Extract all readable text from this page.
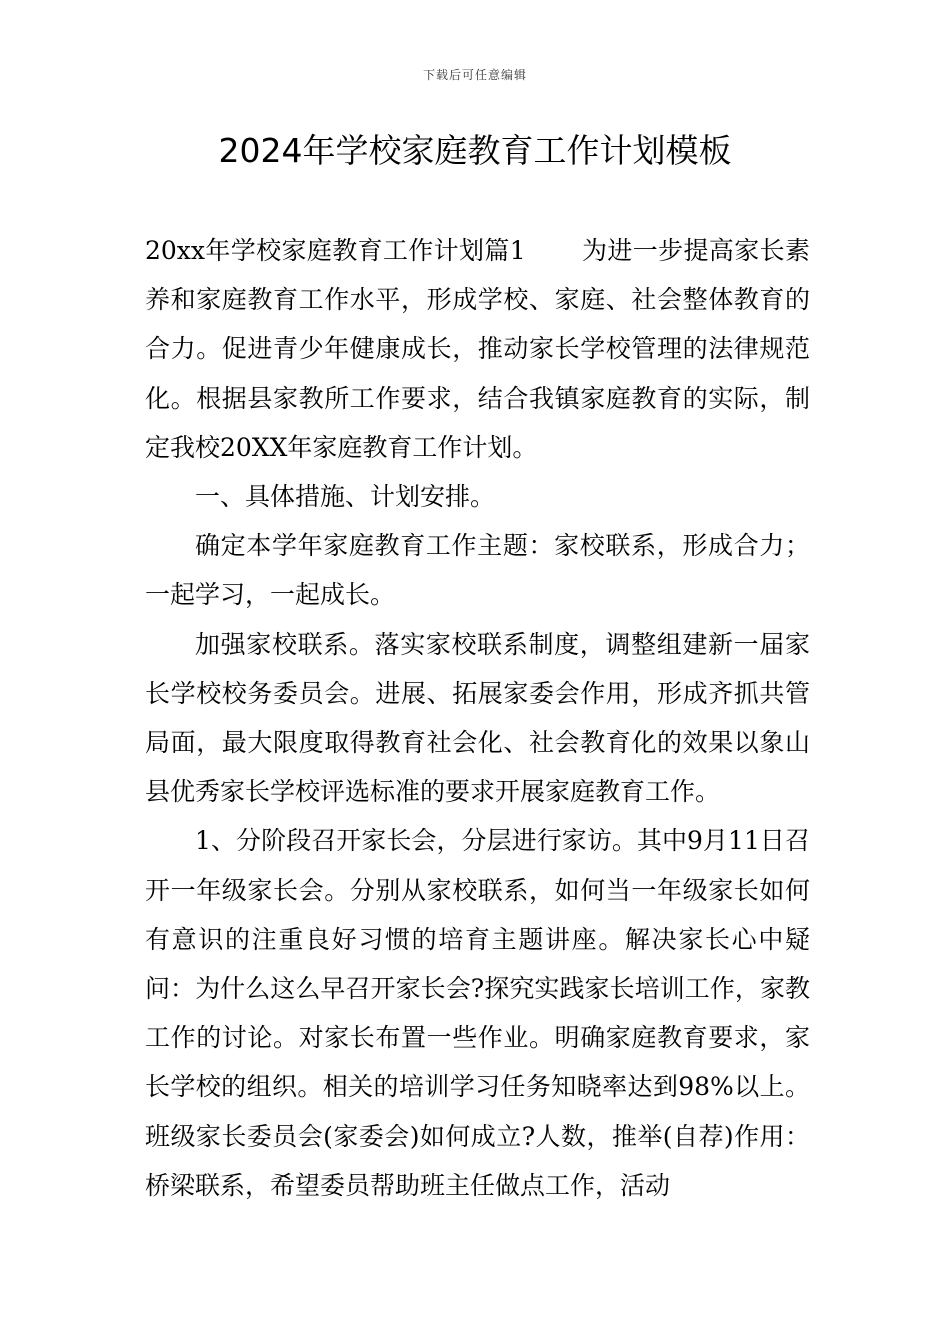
下载后可任意编辑
2024年学校家庭教育工作计划模板

20xx年学校家庭教育工作计划篇1 为进一步提高家长素养和家庭教育工作水平，形成学校、家庭、社会整体教育的合力。促进青少年健康成长，推动家长学校管理的法律规范化。根据县家教所工作要求，结合我镇家庭教育的实际，制定我校20XX年家庭教育工作计划。

一、具体措施、计划安排。

确定本学年家庭教育工作主题：家校联系，形成合力；一起学习，一起成长。

加强家校联系。落实家校联系制度，调整组建新一届家长学校校务委员会。进展、拓展家委会作用，形成齐抓共管局面，最大限度取得教育社会化、社会教育化的效果以象山县优秀家长学校评选标准的要求开展家庭教育工作。

1、分阶段召开家长会，分层进行家访。其中9月11日召开一年级家长会。分别从家校联系，如何当一年级家长如何有意识的注重良好习惯的培育主题讲座。解决家长心中疑问：为什么这么早召开家长会?探究实践家长培训工作，家教工作的讨论。对家长布置一些作业。明确家庭教育要求，家长学校的组织。相关的培训学习任务知晓率达到98%以上。班级家长委员会(家委会)如何成立?人数，推举(自荐)作用：桥梁联系，希望委员帮助班主任做点工作，活动
